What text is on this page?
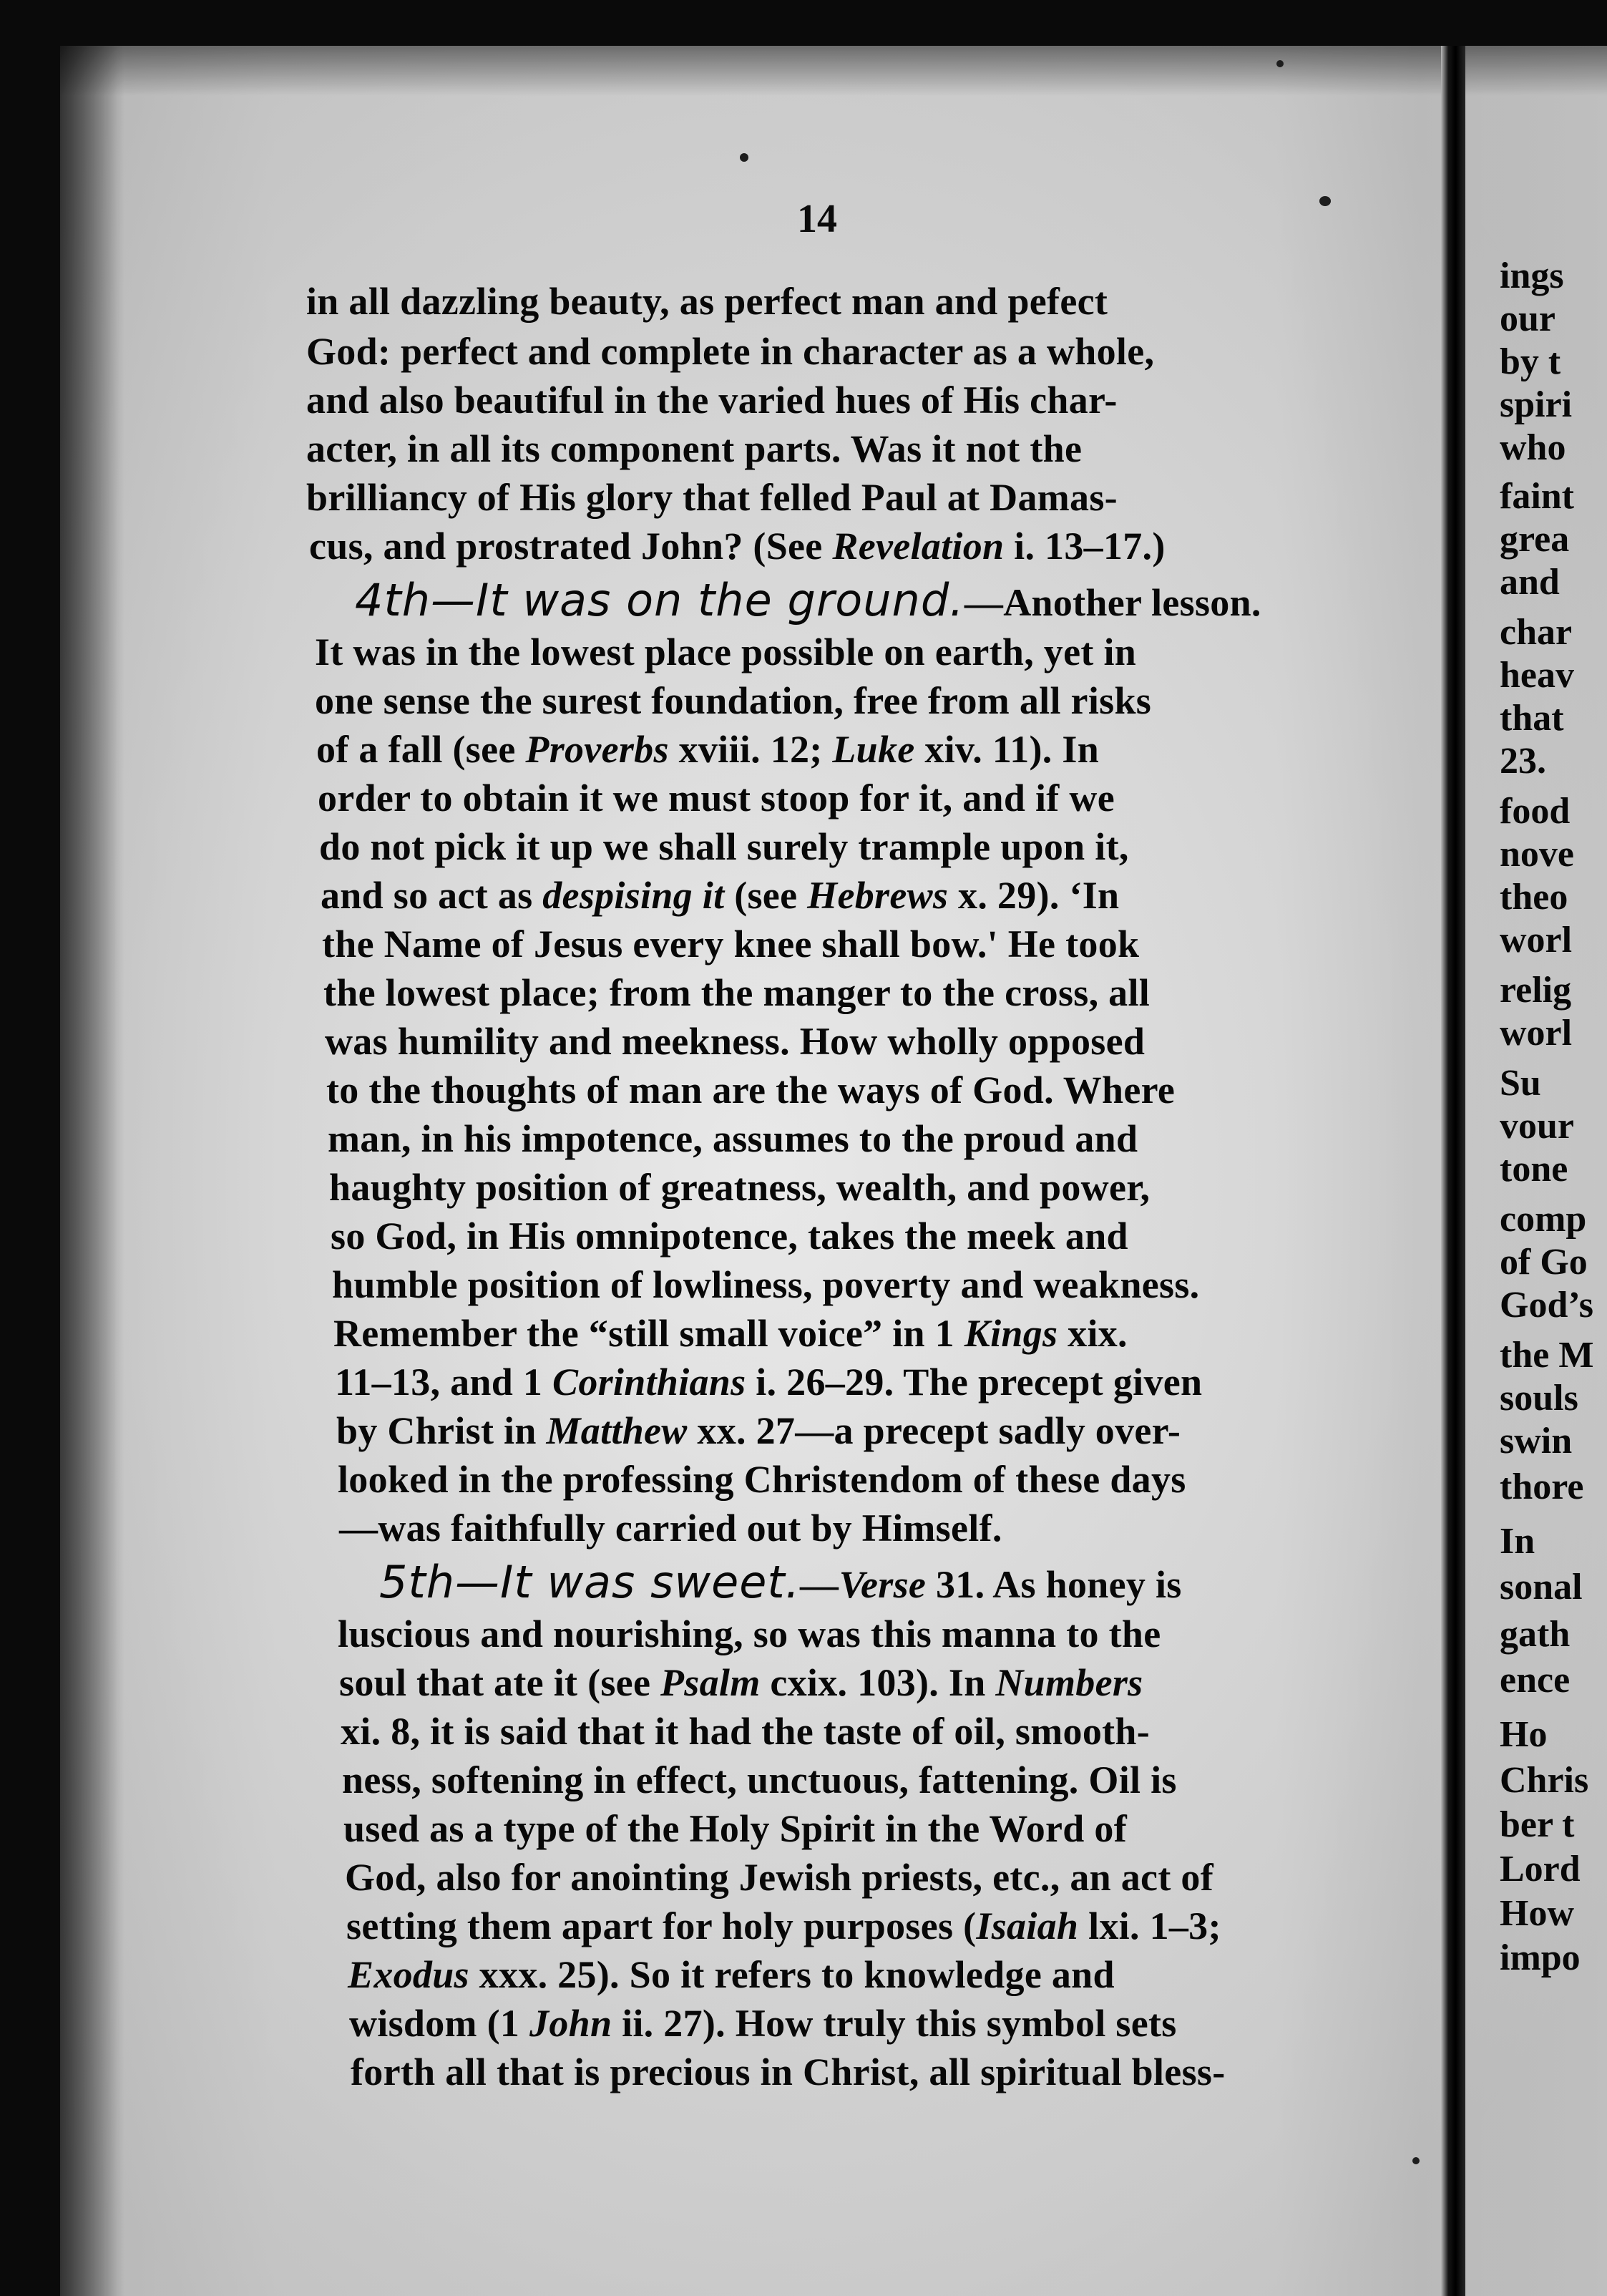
14
in all dazzling beauty, as perfect man and pefect
God: perfect and complete in character as a whole,
and also beautiful in the varied hues of His char-
acter, in all its component parts. Was it not the
brilliancy of His glory that felled Paul at Damas-
cus, and prostrated John? (See Revelation i. 13–17.)
4th—It was on the ground.—Another lesson.
It was in the lowest place possible on earth, yet in
one sense the surest foundation, free from all risks
of a fall (see Proverbs xviii. 12; Luke xiv. 11). In
order to obtain it we must stoop for it, and if we
do not pick it up we shall surely trample upon it,
and so act as despising it (see Hebrews x. 29). ‘In
the Name of Jesus every knee shall bow.' He took
the lowest place; from the manger to the cross, all
was humility and meekness. How wholly opposed
to the thoughts of man are the ways of God. Where
man, in his impotence, assumes to the proud and
haughty position of greatness, wealth, and power,
so God, in His omnipotence, takes the meek and
humble position of lowliness, poverty and weakness.
Remember the “still small voice” in 1 Kings xix.
11–13, and 1 Corinthians i. 26–29. The precept given
by Christ in Matthew xx. 27—a precept sadly over-
looked in the professing Christendom of these days
—was faithfully carried out by Himself.
5th—It was sweet.—Verse 31. As honey is
luscious and nourishing, so was this manna to the
soul that ate it (see Psalm cxix. 103). In Numbers
xi. 8, it is said that it had the taste of oil, smooth-
ness, softening in effect, unctuous, fattening. Oil is
used as a type of the Holy Spirit in the Word of
God, also for anointing Jewish priests, etc., an act of
setting them apart for holy purposes (Isaiah lxi. 1–3;
Exodus xxx. 25). So it refers to knowledge and
wisdom (1 John ii. 27). How truly this symbol sets
forth all that is precious in Christ, all spiritual bless-
ings
our
by t
spiri
who
faint
grea
and
char
heav
that
23.
food
nove
theo
worl
relig
worl
Su
vour
tone
comp
of Go
God’s
the M
souls
swin
thore
In
sonal
gath
ence
Ho
Chris
ber t
Lord
How
impo
